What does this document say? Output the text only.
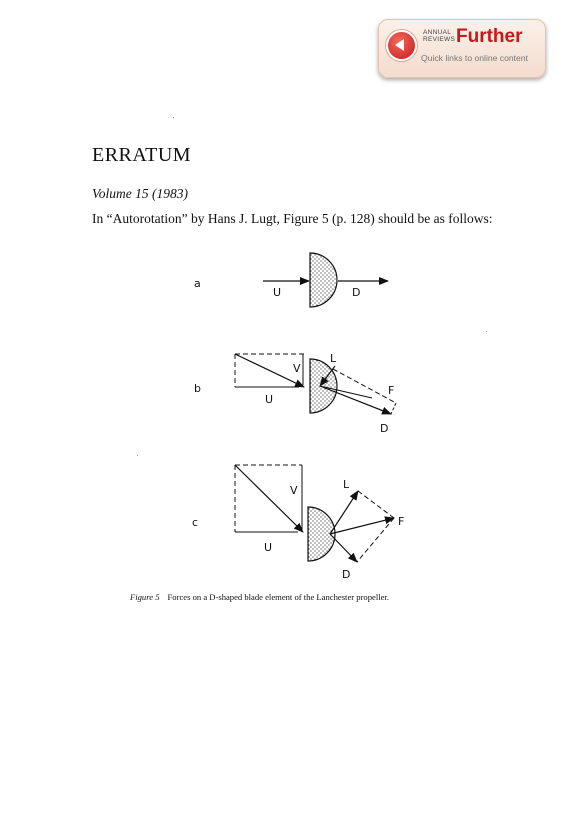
ANNUAL
REVIEWS Further
Quick links to online content
ERRATUM
Volume 15 (1983)
In “Autorotation” by Hans J. Lugt, Figure 5 (p. 128) should be as follows:
a
U	D
b
V
L
F
U
D
c
V	L
F
U
D
Figure 5 Forces on a D-shaped blade element of the Lanchester propeller.
